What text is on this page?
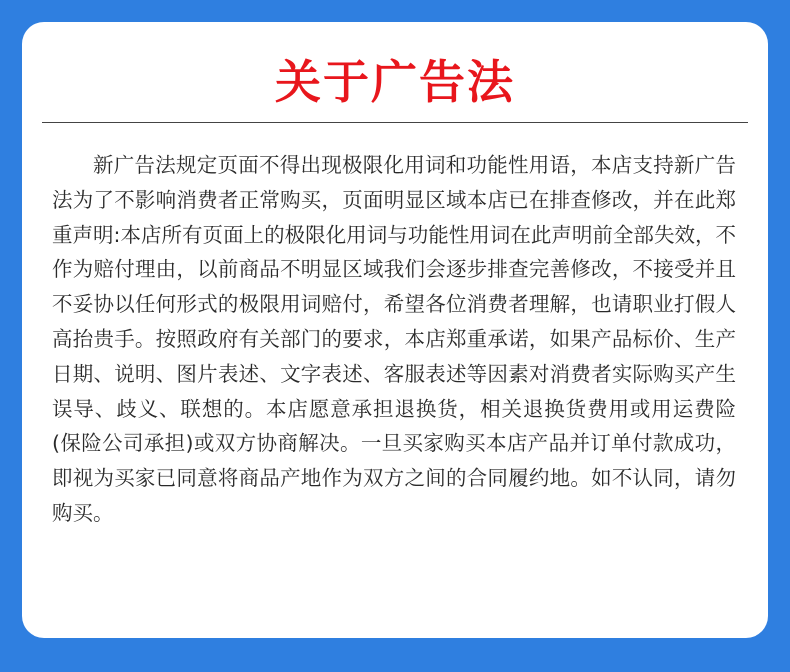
关于广告法

新广告法规定页面不得出现极限化用词和功能性用语，本店支持新广告法为了不影响消费者正常购买，页面明显区域本店已在排查修改，并在此郑重声明:本店所有页面上的极限化用词与功能性用词在此声明前全部失效，不作为赔付理由，以前商品不明显区域我们会逐步排查完善修改，不接受并且不妥协以任何形式的极限用词赔付，希望各位消费者理解，也请职业打假人高抬贵手。按照政府有关部门的要求，本店郑重承诺，如果产品标价、生产日期、说明、图片表述、文字表述、客服表述等因素对消费者实际购买产生误导、歧义、联想的。本店愿意承担退换货，相关退换货费用或用运费险(保险公司承担)或双方协商解决。一旦买家购买本店产品并订单付款成功，即视为买家已同意将商品产地作为双方之间的合同履约地。如不认同，请勿购买。
